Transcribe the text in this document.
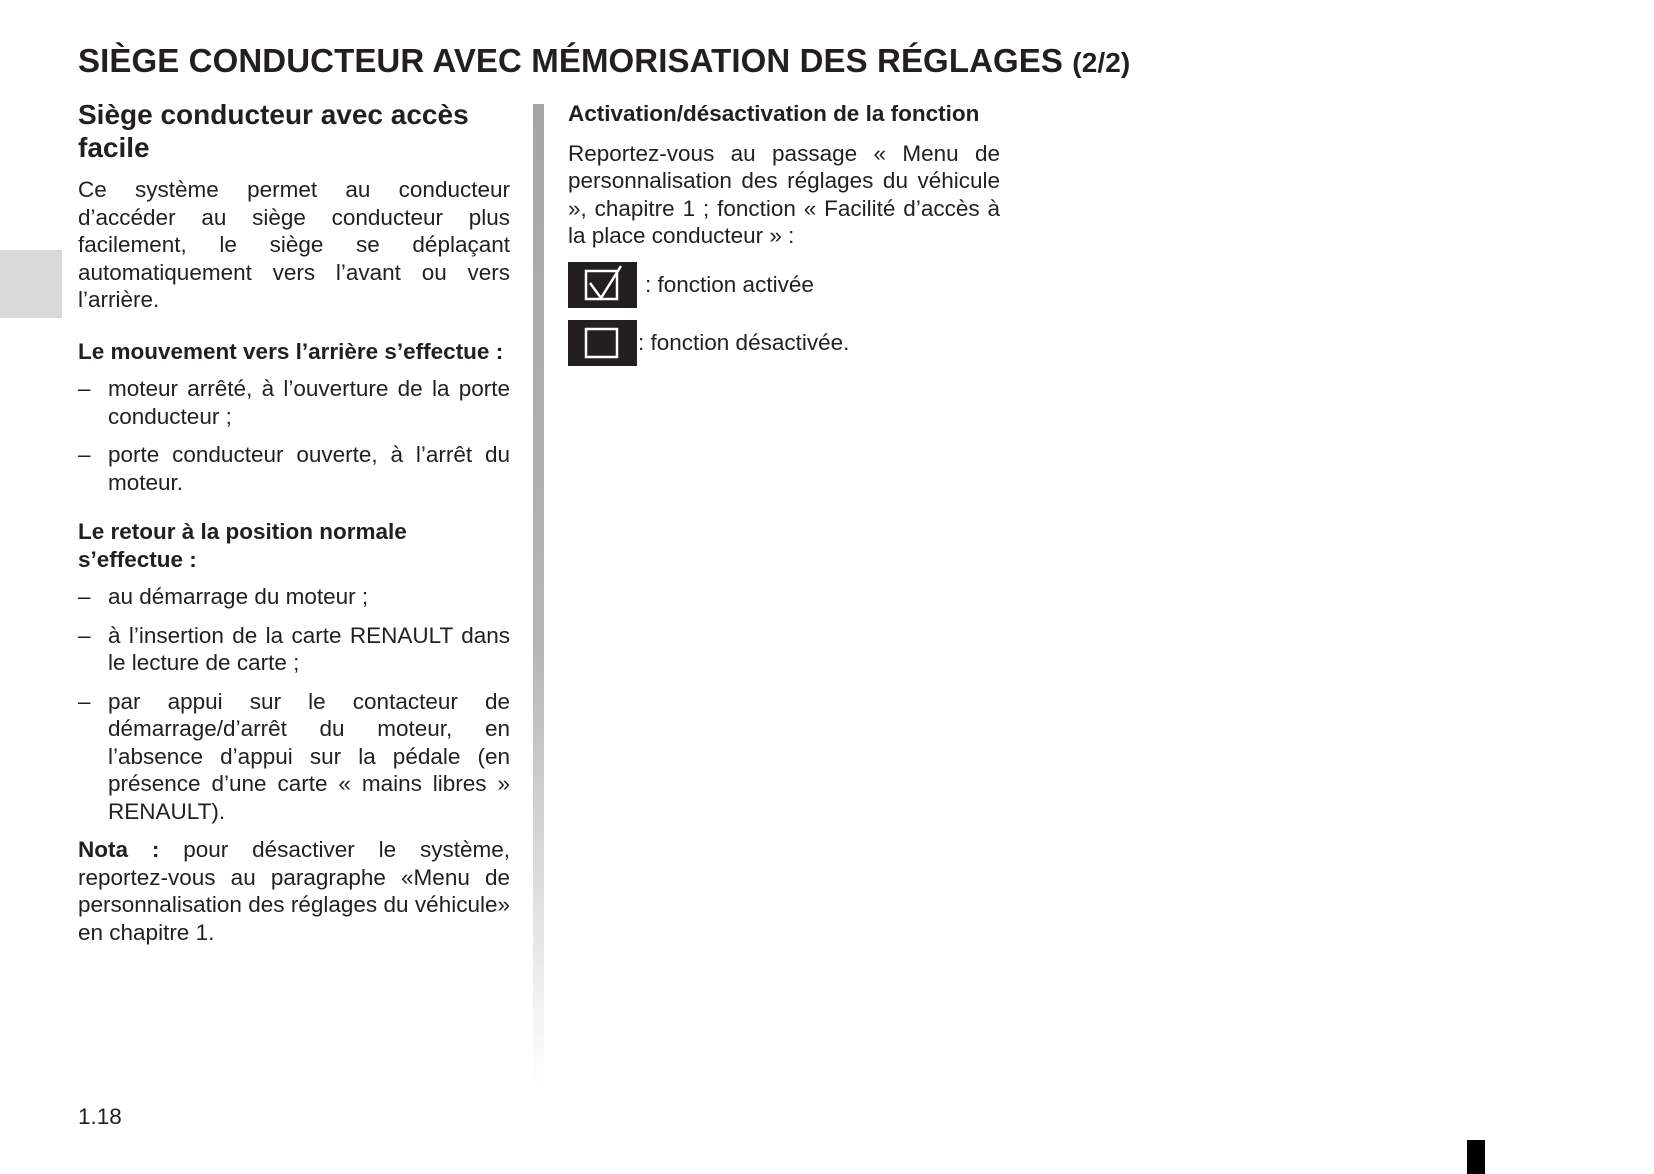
SIÈGE CONDUCTEUR AVEC MÉMORISATION DES RÉGLAGES (2/2)
Siège conducteur avec accès facile

Ce système permet au conducteur d’accéder au siège conducteur plus facilement, le siège se déplaçant automatiquement vers l’avant ou vers l’arrière.

Le mouvement vers l’arrière s’effectue :

– moteur arrêté, à l’ouverture de la porte conducteur ;
– porte conducteur ouverte, à l’arrêt du moteur.

Le retour à la position normale s’effectue :

– au démarrage du moteur ;
– à l’insertion de la carte RENAULT dans le lecture de carte ;
– par appui sur le contacteur de démarrage/d’arrêt du moteur, en l’absence d’appui sur la pédale (en présence d’une carte « mains libres » RENAULT).

Nota : pour désactiver le système, reportez-vous au paragraphe «Menu de personnalisation des réglages du véhicule» en chapitre 1.

Activation/désactivation de la fonction

Reportez-vous au passage « Menu de personnalisation des réglages du véhicule », chapitre 1 ; fonction « Facilité d’accès à la place conducteur » :

: fonction activée
: fonction désactivée.
1.18
